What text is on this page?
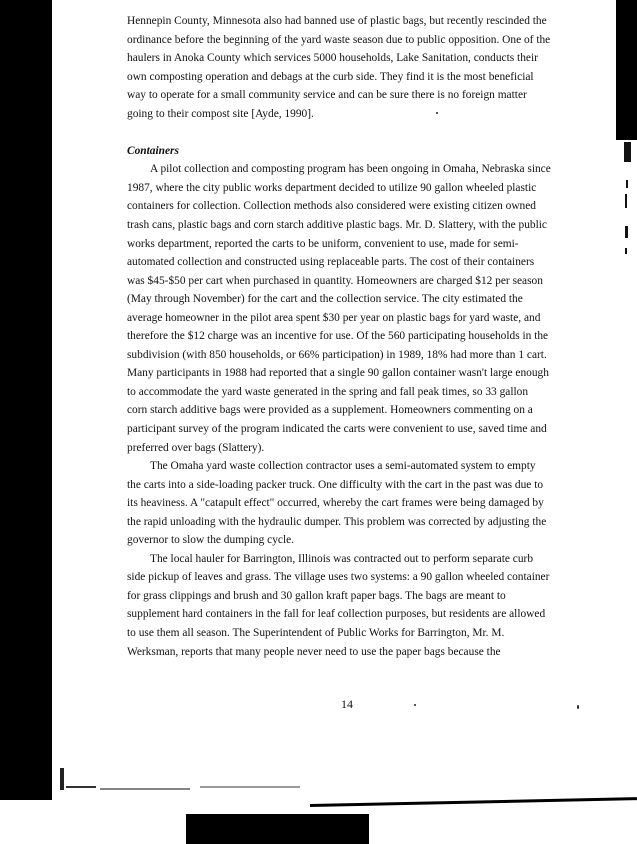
Hennepin County, Minnesota also had banned use of plastic bags, but recently rescinded the ordinance before the beginning of the yard waste season due to public opposition. One of the haulers in Anoka County which services 5000 households, Lake Sanitation, conducts their own composting operation and debags at the curb side. They find it is the most beneficial way to operate for a small community service and can be sure there is no foreign matter going to their compost site [Ayde, 1990].

Containers

A pilot collection and composting program has been ongoing in Omaha, Nebraska since 1987, where the city public works department decided to utilize 90 gallon wheeled plastic containers for collection. Collection methods also considered were existing citizen owned trash cans, plastic bags and corn starch additive plastic bags. Mr. D. Slattery, with the public works department, reported the carts to be uniform, convenient to use, made for semi-automated collection and constructed using replaceable parts. The cost of their containers was $45-$50 per cart when purchased in quantity. Homeowners are charged $12 per season (May through November) for the cart and the collection service. The city estimated the average homeowner in the pilot area spent $30 per year on plastic bags for yard waste, and therefore the $12 charge was an incentive for use. Of the 560 participating households in the subdivision (with 850 households, or 66% participation) in 1989, 18% had more than 1 cart. Many participants in 1988 had reported that a single 90 gallon container wasn't large enough to accommodate the yard waste generated in the spring and fall peak times, so 33 gallon corn starch additive bags were provided as a supplement. Homeowners commenting on a participant survey of the program indicated the carts were convenient to use, saved time and preferred over bags (Slattery).

The Omaha yard waste collection contractor uses a semi-automated system to empty the carts into a side-loading packer truck. One difficulty with the cart in the past was due to its heaviness. A "catapult effect" occurred, whereby the cart frames were being damaged by the rapid unloading with the hydraulic dumper. This problem was corrected by adjusting the governor to slow the dumping cycle.

The local hauler for Barrington, Illinois was contracted out to perform separate curb side pickup of leaves and grass. The village uses two systems: a 90 gallon wheeled container for grass clippings and brush and 30 gallon kraft paper bags. The bags are meant to supplement hard containers in the fall for leaf collection purposes, but residents are allowed to use them all season. The Superintendent of Public Works for Barrington, Mr. M. Werksman, reports that many people never need to use the paper bags because the

14
